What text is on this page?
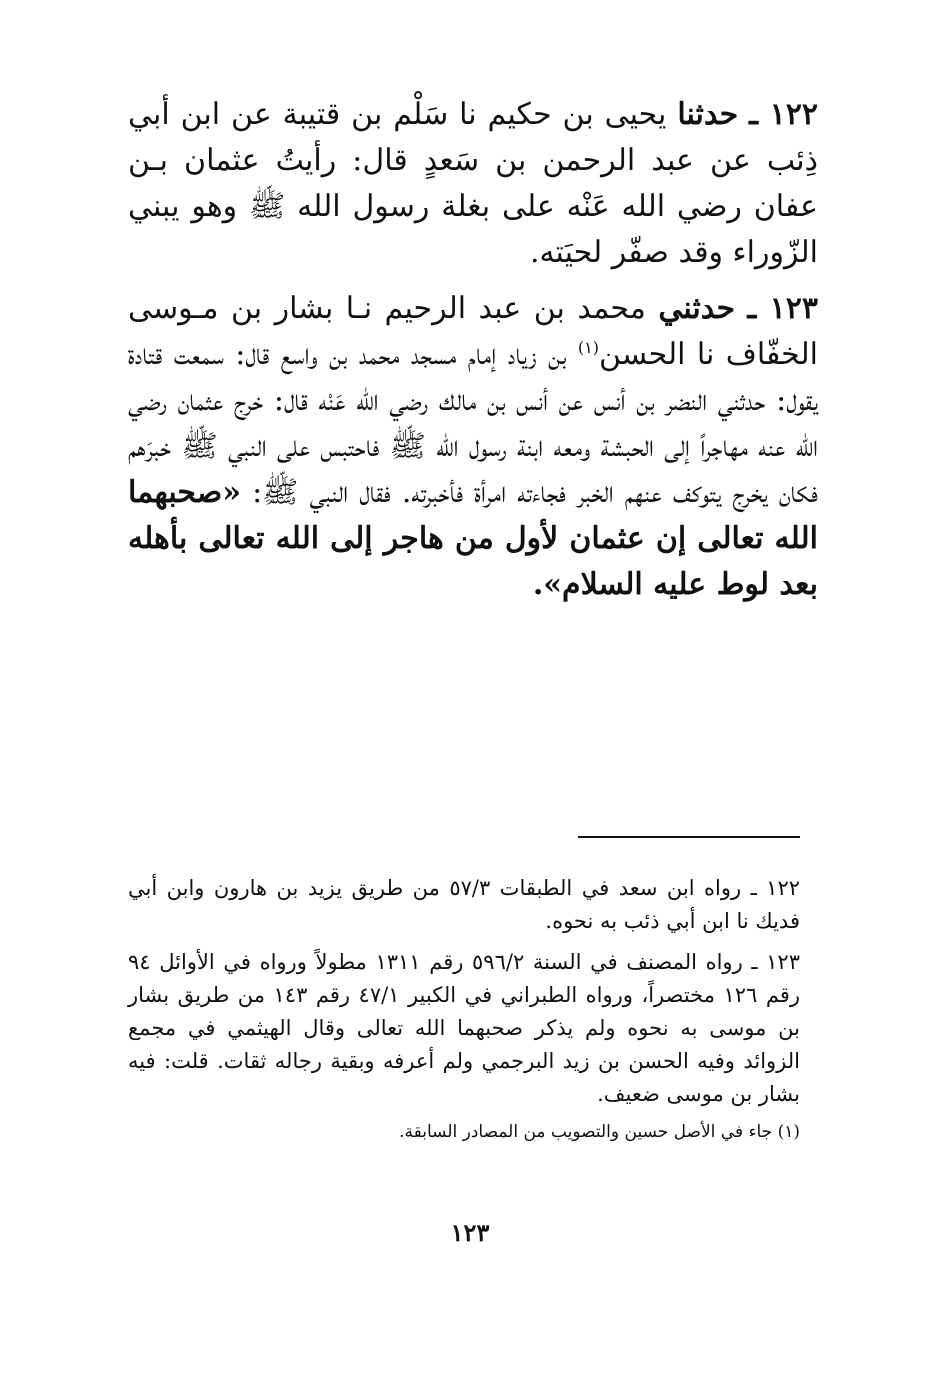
١٢٢ ـ حدثنا يحيى بن حكيم نا سَلْم بن قتيبة عن ابن أبي ذِئب عن عبد الرحمن بن سَعدٍ قال: رأيتُ عثمان بـن عفان رضي الله عَنْه على بغلة رسول الله ﷺ وهو يبني الزّوراء وقد صفّر لحيَته.

١٢٣ ـ حدثني محمد بن عبد الرحيم نـا بشار بن مـوسى الخفّاف نا الحسن$^{(١)}$ بن زياد إمام مسجد محمد بن واسع قال: سمعت قتادة يقول: حدثني النضر بن أنس عن أنس بن مالك رضي الله عَنْه قال: خرج عثمان رضي الله عنه مهاجراً إلى الحبشة ومعه ابنة رسول الله ﷺ فاحتبس على النبي ﷺ خبرَهم فكان يخرج يتوكف عنهم الخبر فجاءته امرأة فأخبرته. فقال النبي ﷺ: «صحبهما الله تعالى إن عثمان لأول من هاجر إلى الله تعالى بأهله بعد لوط عليه السلام».

١٢٢ ـ رواه ابن سعد في الطبقات ٥٧/٣ من طريق يزيد بن هارون وابن أبي فديك نا ابن أبي ذئب به نحوه.

١٢٣ ـ رواه المصنف في السنة ٥٩٦/٢ رقم ١٣١١ مطولاً ورواه في الأوائل ٩٤ رقم ١٢٦ مختصراً، ورواه الطبراني في الكبير ٤٧/١ رقم ١٤٣ من طريق بشار بن موسى به نحوه ولم يذكر صحبهما الله تعالى وقال الهيثمي في مجمع الزوائد وفيه الحسن بن زيد البرجمي ولم أعرفه وبقية رجاله ثقات. قلت: فيه بشار بن موسى ضعيف.

(١) جاء في الأصل حسين والتصويب من المصادر السابقة.

١٢٣
